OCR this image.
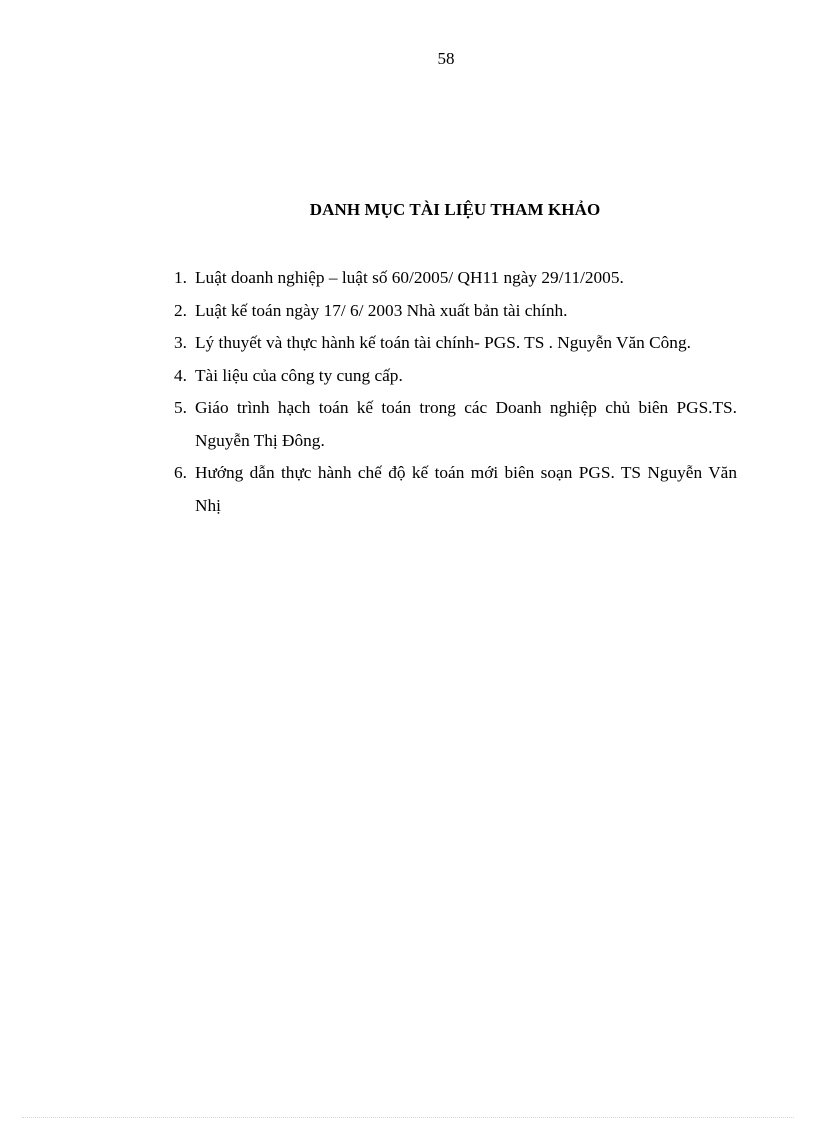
58
DANH MỤC TÀI LIỆU THAM KHẢO
1. Luật doanh nghiệp – luật số 60/2005/ QH11 ngày 29/11/2005.
2. Luật kế toán ngày 17/ 6/ 2003 Nhà xuất bản tài chính.
3. Lý thuyết và thực hành kế toán tài chính- PGS. TS . Nguyễn Văn Công.
4. Tài liệu của công ty cung cấp.
5. Giáo trình hạch toán kế toán trong các Doanh nghiệp chủ biên PGS.TS. Nguyễn Thị Đông.
6. Hướng dẫn thực hành chế độ kế toán mới biên soạn PGS. TS Nguyễn Văn Nhị
